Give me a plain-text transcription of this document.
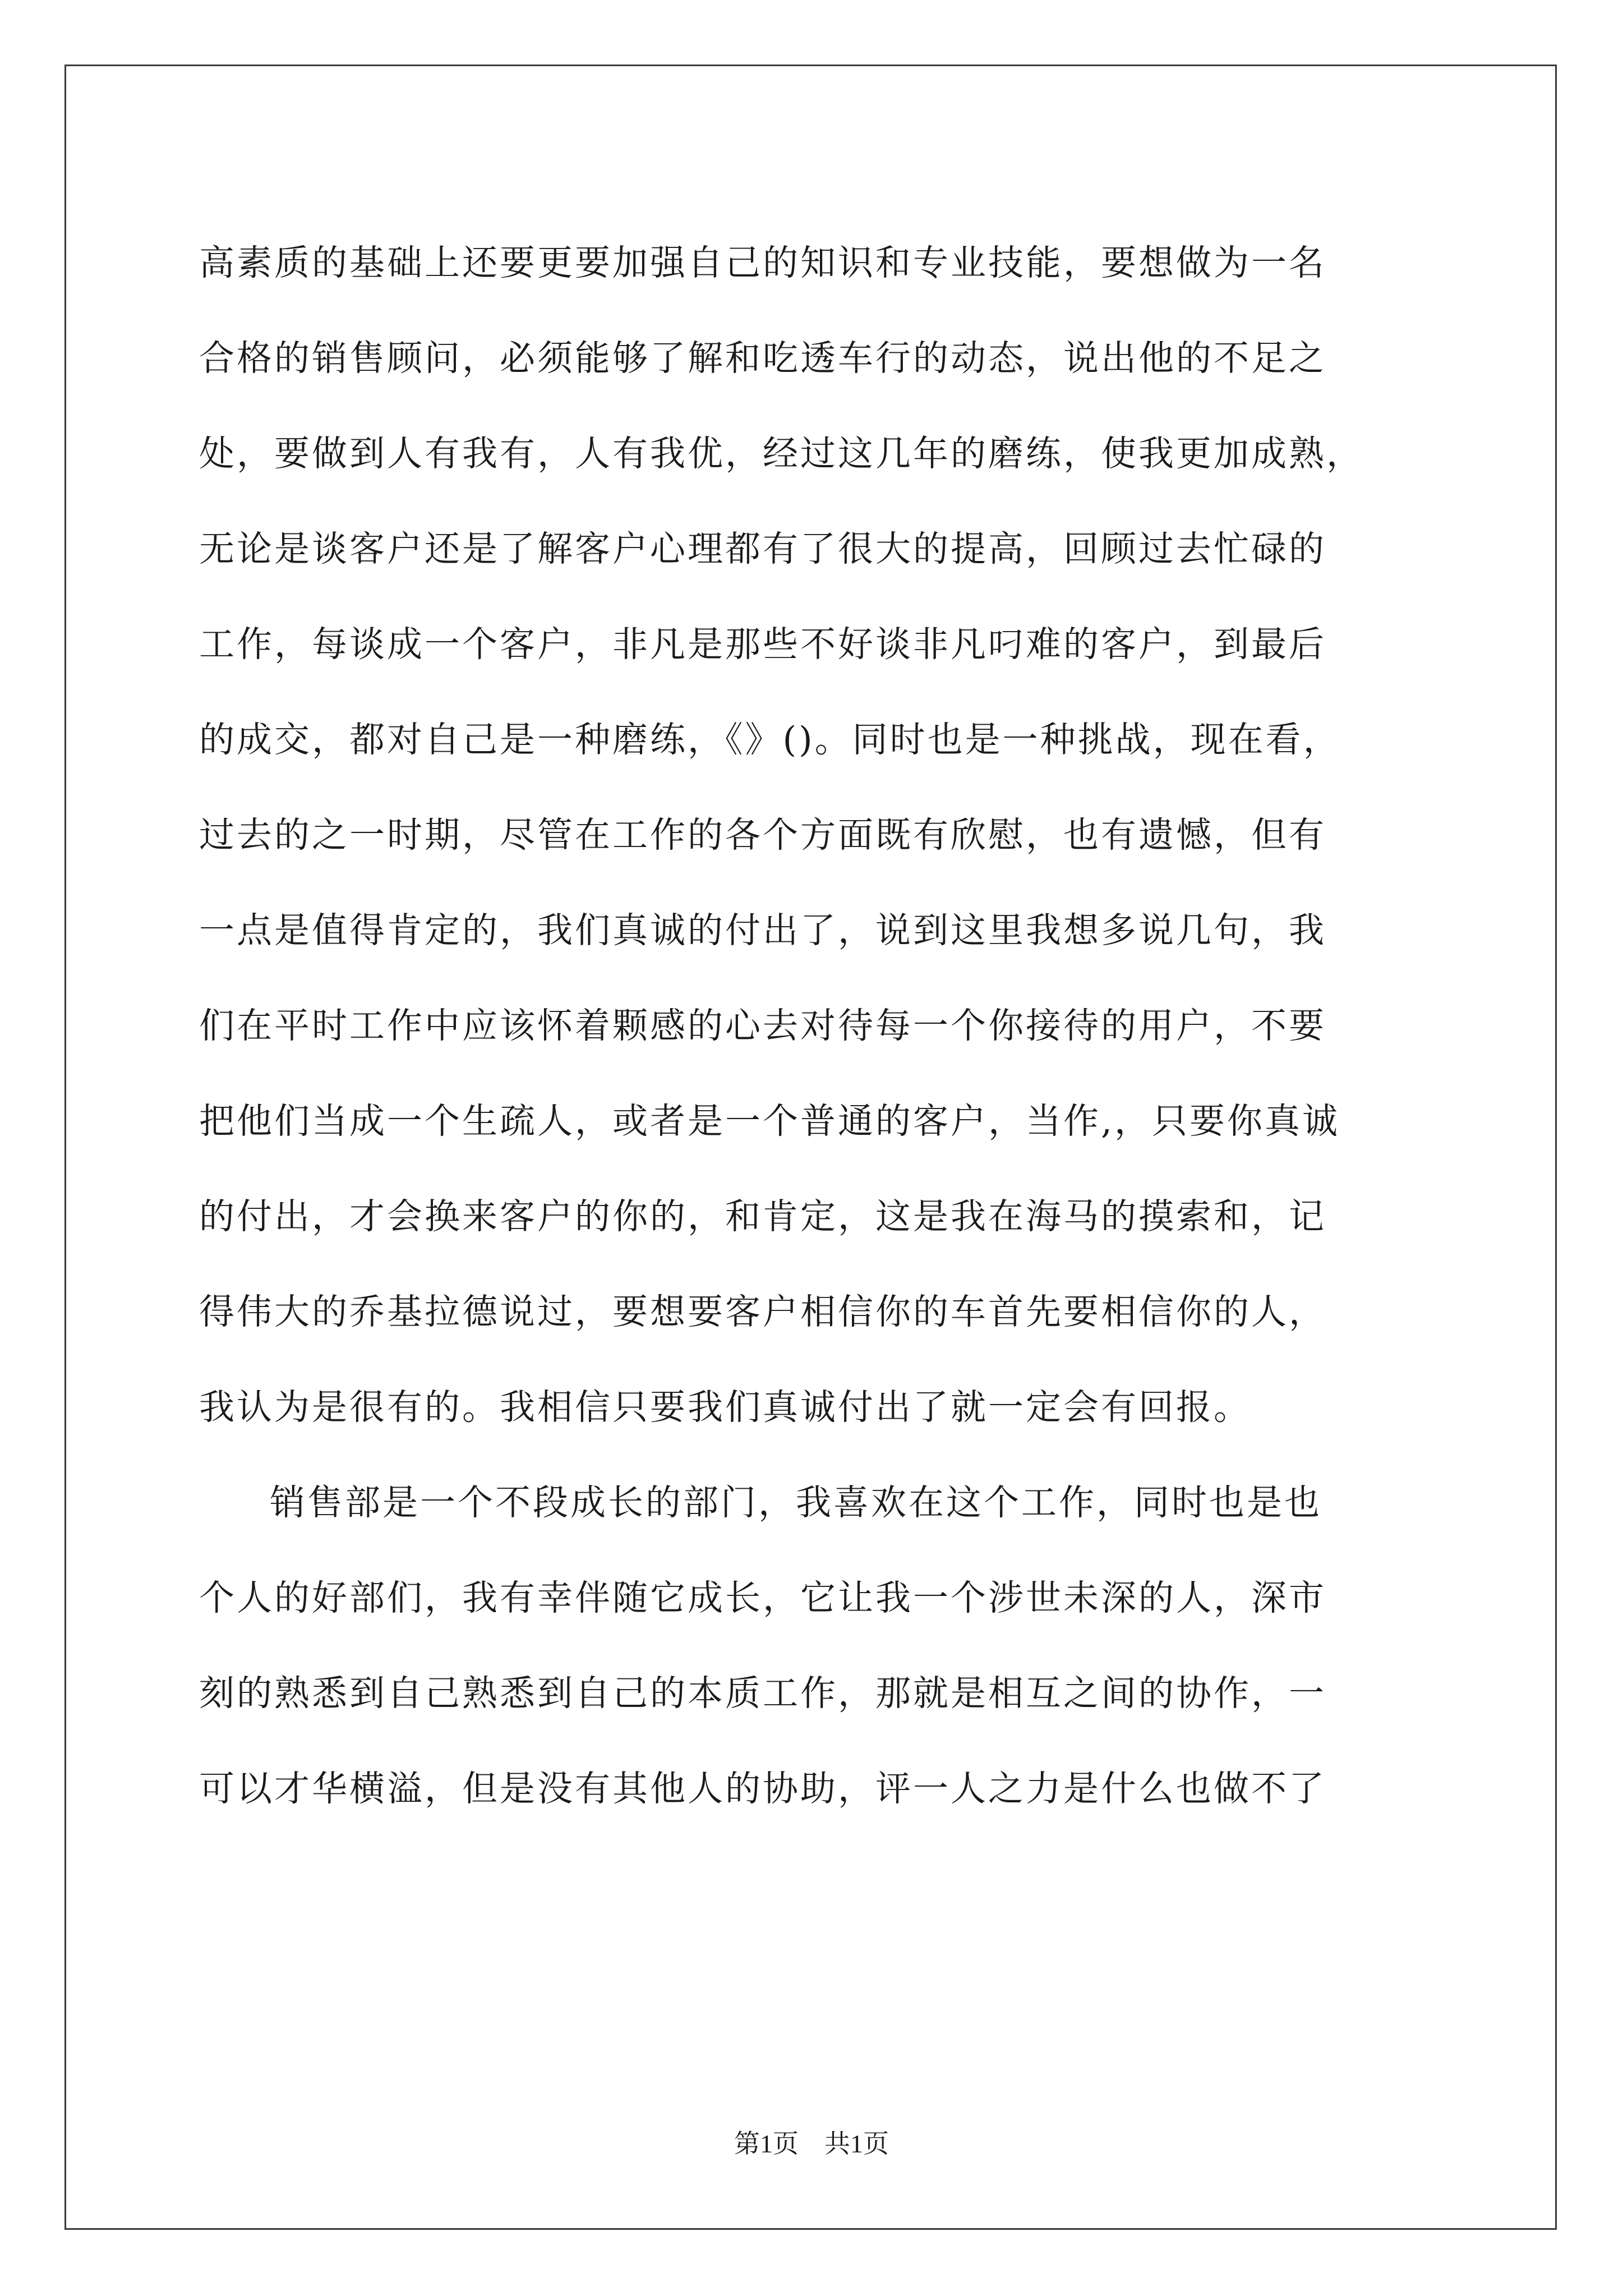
高素质的基础上还要更要加强自己的知识和专业技能，要想做为一名
合格的销售顾问，必须能够了解和吃透车行的动态，说出他的不足之
处，要做到人有我有，人有我优，经过这几年的磨练，使我更加成熟，
无论是谈客户还是了解客户心理都有了很大的提高，回顾过去忙碌的
工作，每谈成一个客户，非凡是那些不好谈非凡叼难的客户，到最后
的成交，都对自己是一种磨练，《》()。同时也是一种挑战，现在看，
过去的之一时期，尽管在工作的各个方面既有欣慰，也有遗憾，但有
一点是值得肯定的，我们真诚的付出了，说到这里我想多说几句，我
们在平时工作中应该怀着颗感的心去对待每一个你接待的用户，不要
把他们当成一个生疏人，或者是一个普通的客户，当作,，只要你真诚
的付出，才会换来客户的你的，和肯定，这是我在海马的摸索和，记
得伟大的乔基拉德说过，要想要客户相信你的车首先要相信你的人，
我认为是很有的。我相信只要我们真诚付出了就一定会有回报。
销售部是一个不段成长的部门，我喜欢在这个工作，同时也是也
个人的好部们，我有幸伴随它成长，它让我一个涉世未深的人，深市
刻的熟悉到自己熟悉到自己的本质工作，那就是相互之间的协作，一
可以才华横溢，但是没有其他人的协助，评一人之力是什么也做不了
第1页　共1页
